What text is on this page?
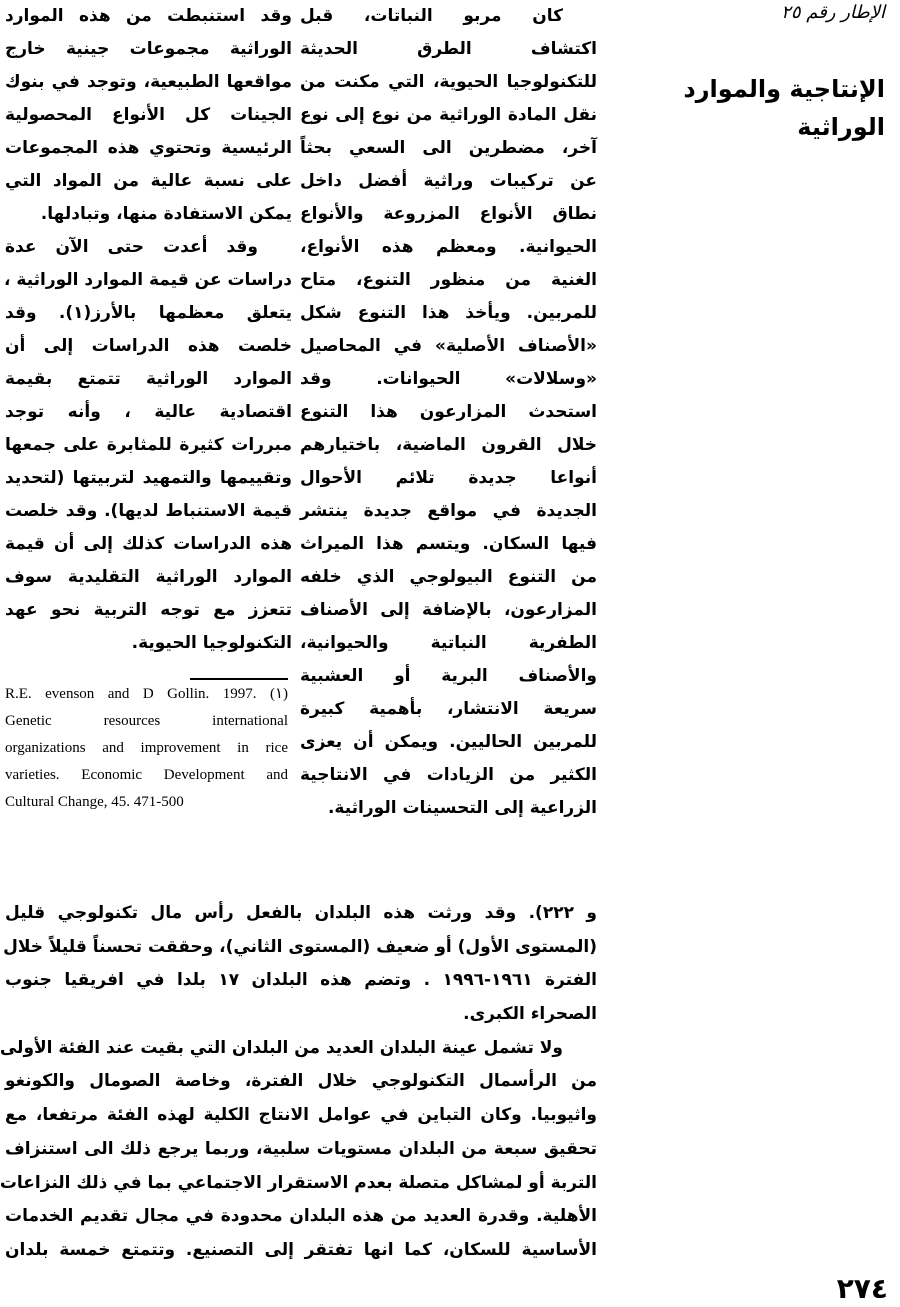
الإطار رقم ٢٥
الإنتاجية والموارد
الوراثية
كان مربو النباتات، قبل
اكتشاف الطرق الحديثة
للتكنولوجيا الحيوية، التي مكنت من
نقل المادة الوراثية من نوع إلى نوع
آخر، مضطرين الى السعي بحثاً
عن تركيبات وراثية أفضل داخل
نطاق الأنواع المزروعة والأنواع
الحيوانية. ومعظم هذه الأنواع،
الغنية من منظور التنوع، متاح
للمربين. ويأخذ هذا التنوع شكل
«الأصناف الأصلية» في المحاصيل
«وسلالات» الحيوانات. وقد
استحدث المزارعون هذا التنوع
خلال القرون الماضية، باختيارهم
أنواعا جديدة تلائم الأحوال
الجديدة في مواقع جديدة ينتشر
فيها السكان. ويتسم هذا الميراث
من التنوع البيولوجي الذي خلفه
المزارعون، بالإضافة إلى الأصناف
الطفرية النباتية والحيوانية،
والأصناف البرية أو العشبية
سريعة الانتشار، بأهمية كبيرة
للمربين الحاليين. ويمكن أن يعزى
الكثير من الزيادات في الانتاجية
الزراعية إلى التحسينات الوراثية.
وقد استنبطت من هذه الموارد
الوراثية مجموعات جينية خارج
مواقعها الطبيعية، وتوجد في بنوك
الجينات كل الأنواع المحصولية
الرئيسية وتحتوي هذه المجموعات
على نسبة عالية من المواد التي
يمكن الاستفادة منها، وتبادلها.
وقد أعدت حتى الآن عدة
دراسات عن قيمة الموارد الوراثية ،
يتعلق معظمها بالأرز(١). وقد
خلصت هذه الدراسات إلى أن
الموارد الوراثية تتمتع بقيمة
اقتصادية عالية ، وأنه توجد
مبررات كثيرة للمثابرة على جمعها
وتقييمها والتمهيد لتربيتها (لتحديد
قيمة الاستنباط لديها). وقد خلصت
هذه الدراسات كذلك إلى أن قيمة
الموارد الوراثية التقليدية سوف
تتعزز مع توجه التربية نحو عهد
التكنولوجيا الحيوية.
R.E. evenson and D Gollin. 1997. (١)
Genetic resources international
organizations and improvement in rice
varieties. Economic Development and
Cultural Change, 45. 471-500
و ٢٢٢). وقد ورثت هذه البلدان بالفعل رأس مال تكنولوجي قليل
(المستوى الأول) أو ضعيف (المستوى الثاني)، وحققت تحسناً قليلاً خلال
الفترة ١٩٦١-١٩٩٦ . وتضم هذه البلدان ١٧ بلدا في افريقيا جنوب
الصحراء الكبرى.
ولا تشمل عينة البلدان العديد من البلدان التي بقيت عند الفئة الأولى
من الرأسمال التكنولوجي خلال الفترة، وخاصة الصومال والكونغو
واثيوبيا. وكان التباين في عوامل الانتاج الكلية لهذه الفئة مرتفعا، مع
تحقيق سبعة من البلدان مستويات سلبية، وربما يرجع ذلك الى استنزاف
التربة أو لمشاكل متصلة بعدم الاستقرار الاجتماعي بما في ذلك النزاعات
الأهلية. وقدرة العديد من هذه البلدان محدودة في مجال تقديم الخدمات
الأساسية للسكان، كما انها تفتقر إلى التصنيع. وتتمتع خمسة بلدان
٢٧٤
